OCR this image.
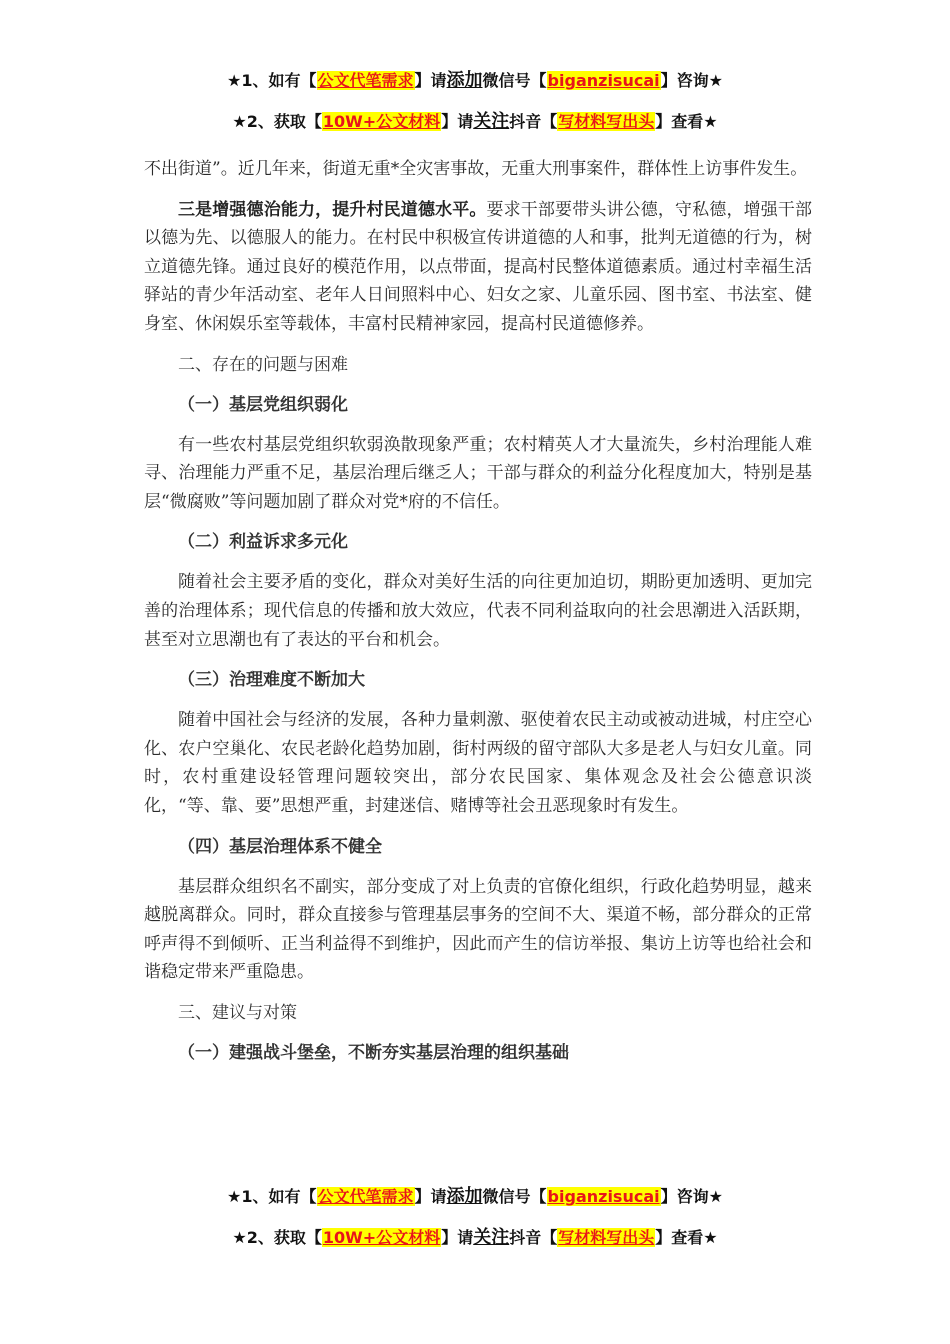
★1、如有【公文代笔需求】请添加微信号【biganzisucai】咨询★
★2、获取【10W+公文材料】请关注抖音【写材料写出头】查看★

不出街道”。近几年来，街道无重*全灾害事故，无重大刑事案件，群体性上访事件发生。

三是增强德治能力，提升村民道德水平。要求干部要带头讲公德，守私德，增强干部以德为先、以德服人的能力。在村民中积极宣传讲道德的人和事，批判无道德的行为，树立道德先锋。通过良好的模范作用，以点带面，提高村民整体道德素质。通过村幸福生活驿站的青少年活动室、老年人日间照料中心、妇女之家、儿童乐园、图书室、书法室、健身室、休闲娱乐室等载体，丰富村民精神家园，提高村民道德修养。

二、存在的问题与困难

（一）基层党组织弱化

有一些农村基层党组织软弱涣散现象严重；农村精英人才大量流失，乡村治理能人难寻、治理能力严重不足，基层治理后继乏人；干部与群众的利益分化程度加大，特别是基层“微腐败”等问题加剧了群众对党*府的不信任。

（二）利益诉求多元化

随着社会主要矛盾的变化，群众对美好生活的向往更加迫切，期盼更加透明、更加完善的治理体系；现代信息的传播和放大效应，代表不同利益取向的社会思潮进入活跃期，甚至对立思潮也有了表达的平台和机会。

（三）治理难度不断加大

随着中国社会与经济的发展，各种力量刺激、驱使着农民主动或被动进城，村庄空心化、农户空巢化、农民老龄化趋势加剧，街村两级的留守部队大多是老人与妇女儿童。同时，农村重建设轻管理问题较突出，部分农民国家、集体观念及社会公德意识淡化，“等、靠、要”思想严重，封建迷信、赌博等社会丑恶现象时有发生。

（四）基层治理体系不健全

基层群众组织名不副实，部分变成了对上负责的官僚化组织，行政化趋势明显，越来越脱离群众。同时，群众直接参与管理基层事务的空间不大、渠道不畅，部分群众的正常呼声得不到倾听、正当利益得不到维护，因此而产生的信访举报、集访上访等也给社会和谐稳定带来严重隐患。

三、建议与对策

（一）建强战斗堡垒，不断夯实基层治理的组织基础

★1、如有【公文代笔需求】请添加微信号【biganzisucai】咨询★
★2、获取【10W+公文材料】请关注抖音【写材料写出头】查看★
